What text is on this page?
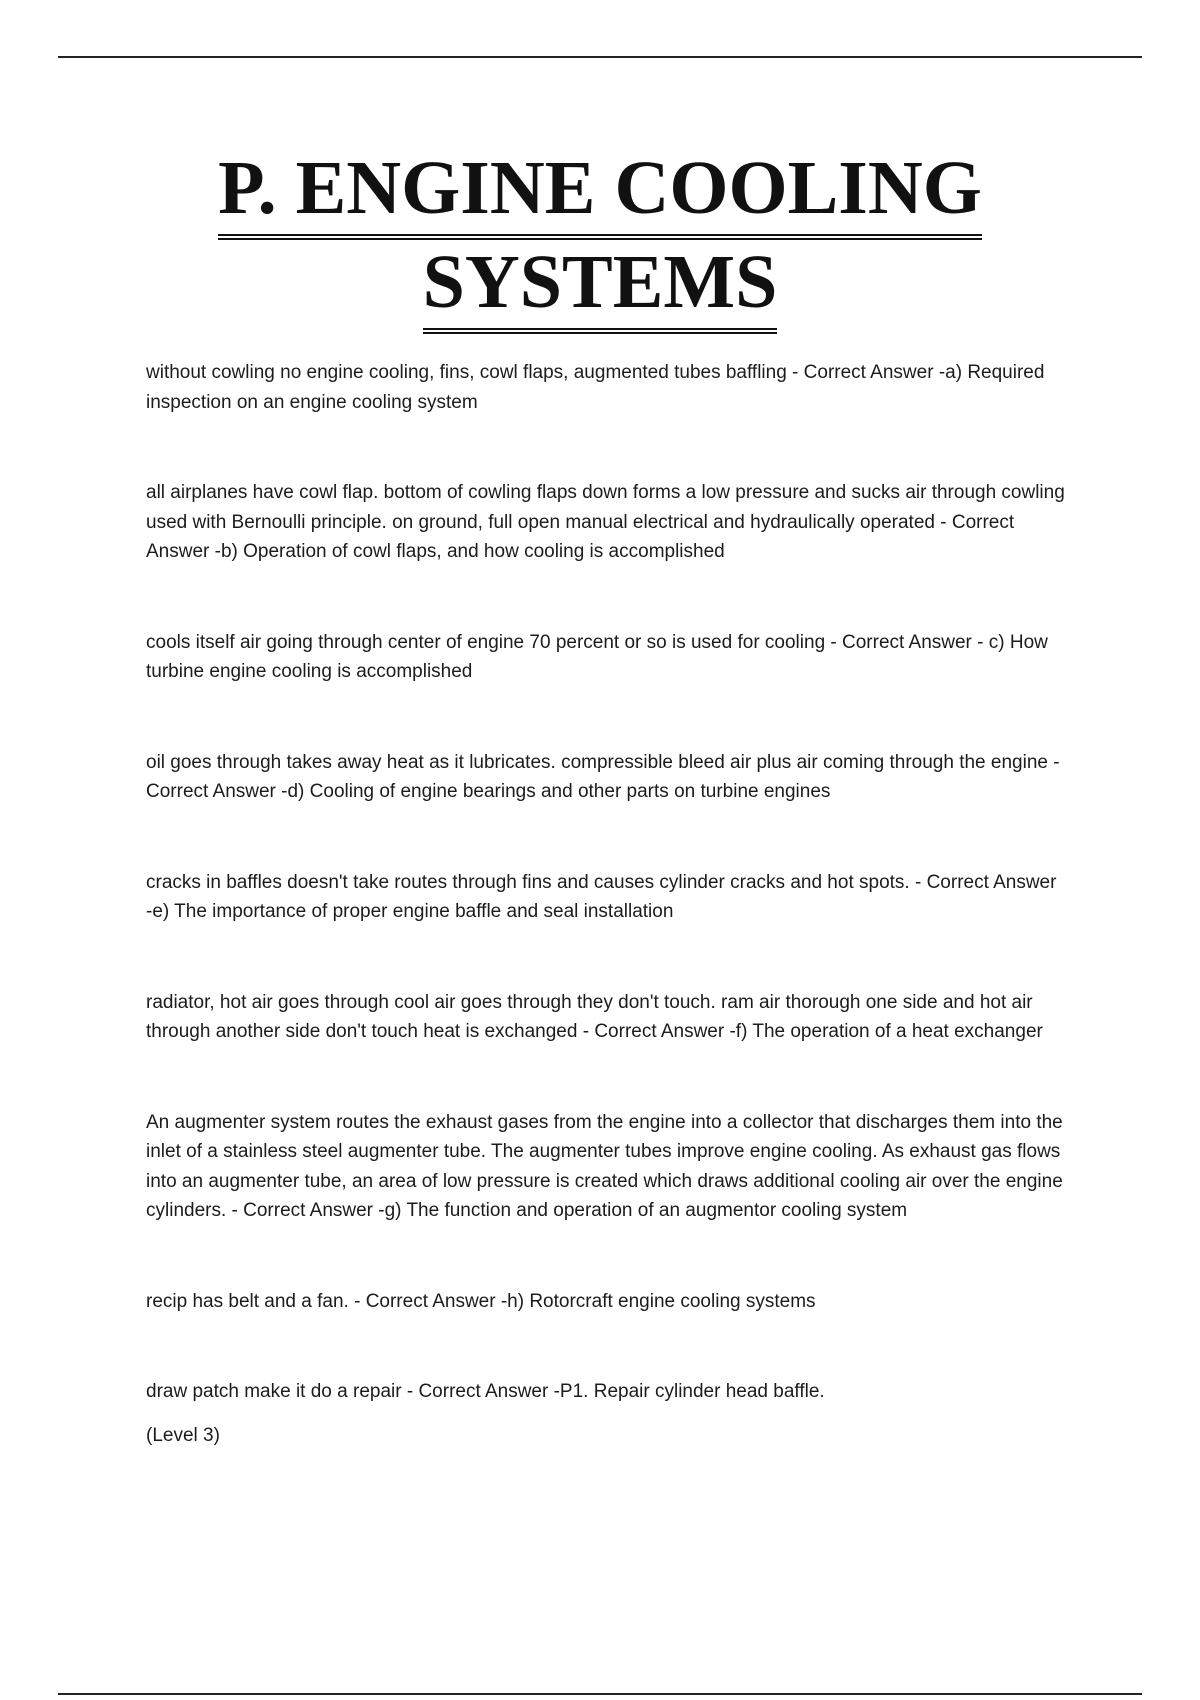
P. ENGINE COOLING
SYSTEMS

without cowling no engine cooling, fins, cowl flaps, augmented tubes baffling - Correct Answer -a) Required inspection on an engine cooling system

all airplanes have cowl flap. bottom of cowling flaps down forms a low pressure and sucks air through cowling used with Bernoulli principle. on ground, full open manual electrical and hydraulically operated - Correct Answer -b) Operation of cowl flaps, and how cooling is accomplished

cools itself air going through center of engine 70 percent or so is used for cooling - Correct Answer - c) How turbine engine cooling is accomplished

oil goes through takes away heat as it lubricates. compressible bleed air plus air coming through the engine - Correct Answer -d) Cooling of engine bearings and other parts on turbine engines

cracks in baffles doesn't take routes through fins and causes cylinder cracks and hot spots. - Correct Answer -e) The importance of proper engine baffle and seal installation

radiator, hot air goes through cool air goes through they don't touch. ram air thorough one side and hot air through another side don't touch heat is exchanged - Correct Answer -f) The operation of a heat exchanger

An augmenter system routes the exhaust gases from the engine into a collector that discharges them into the inlet of a stainless steel augmenter tube. The augmenter tubes improve engine cooling. As exhaust gas flows into an augmenter tube, an area of low pressure is created which draws additional cooling air over the engine cylinders. - Correct Answer -g) The function and operation of an augmentor cooling system

recip has belt and a fan. - Correct Answer -h) Rotorcraft engine cooling systems

draw patch make it do a repair - Correct Answer -P1. Repair cylinder head baffle.

(Level 3)
